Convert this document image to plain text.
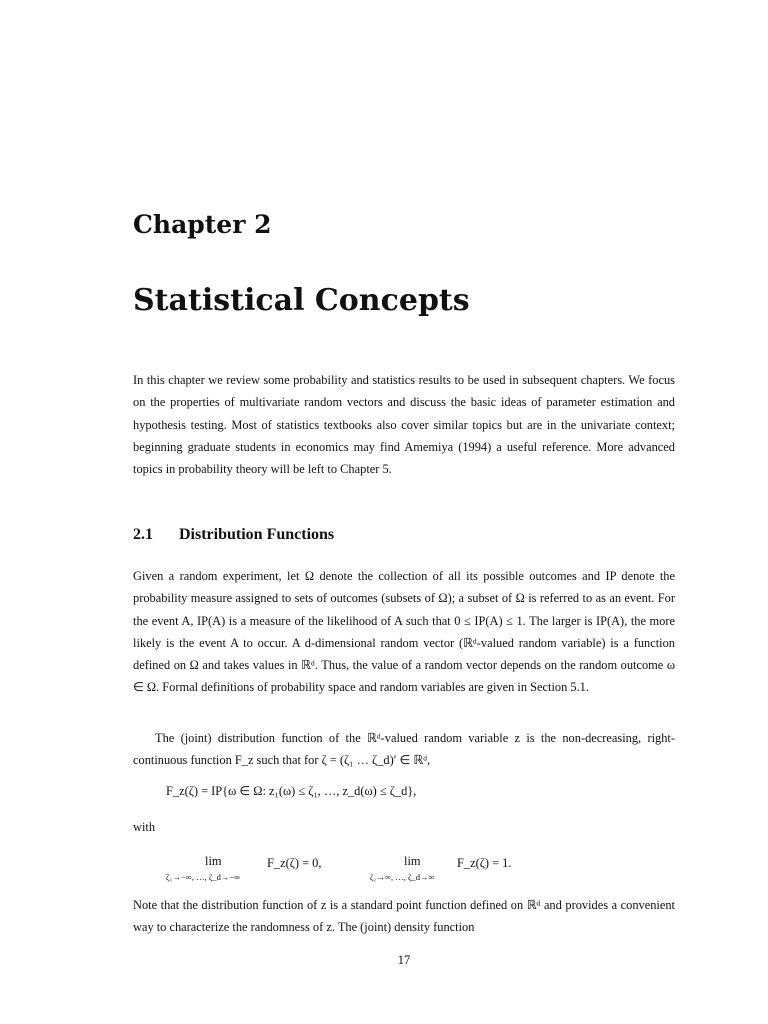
Chapter 2
Statistical Concepts

In this chapter we review some probability and statistics results to be used in subsequent chapters. We focus on the properties of multivariate random vectors and discuss the basic ideas of parameter estimation and hypothesis testing. Most of statistics textbooks also cover similar topics but are in the univariate context; beginning graduate students in economics may find Amemiya (1994) a useful reference. More advanced topics in probability theory will be left to Chapter 5.

2.1 Distribution Functions

Given a random experiment, let Ω denote the collection of all its possible outcomes and IP denote the probability measure assigned to sets of outcomes (subsets of Ω); a subset of Ω is referred to as an event. For the event A, IP(A) is a measure of the likelihood of A such that 0 ≤ IP(A) ≤ 1. The larger is IP(A), the more likely is the event A to occur. A d-dimensional random vector (ℝᵈ-valued random variable) is a function defined on Ω and takes values in ℝᵈ. Thus, the value of a random vector depends on the random outcome ω ∈ Ω. Formal definitions of probability space and random variables are given in Section 5.1.

The (joint) distribution function of the ℝᵈ-valued random variable z is the non-decreasing, right-continuous function F_z such that for ζ = (ζ₁ … ζ_d)′ ∈ ℝᵈ,

F_z(ζ) = IP{ω ∈ Ω: z₁(ω) ≤ ζ₁, …, z_d(ω) ≤ ζ_d},
with
lim
ζ₁→−∞, …, ζ_d→−∞
F_z(ζ) = 0,	lim
ζ₁→∞, …, ζ_d→∞
F_z(ζ) = 1.

Note that the distribution function of z is a standard point function defined on ℝᵈ and provides a convenient way to characterize the randomness of z. The (joint) density function

17
